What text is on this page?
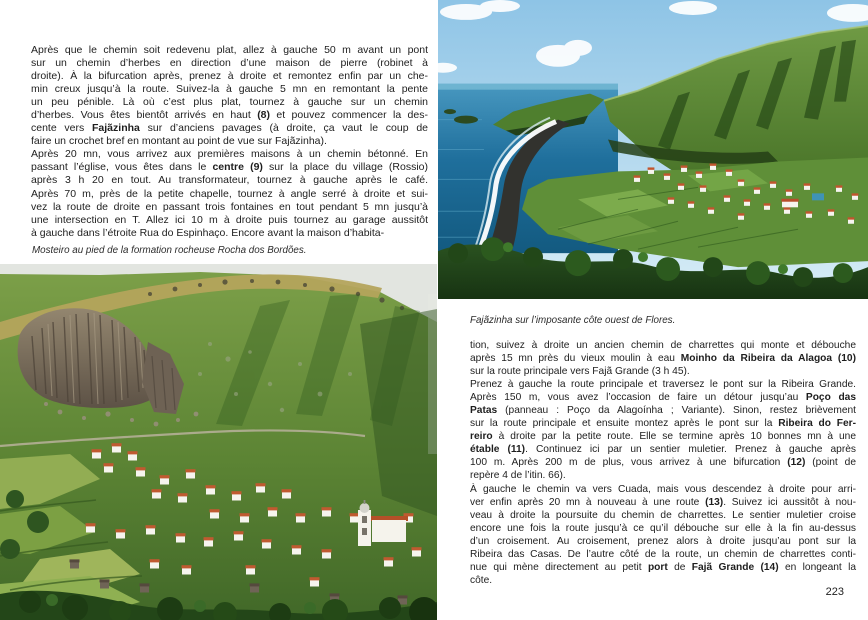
Après que le chemin soit redevenu plat, allez à gauche 50 m avant un pont
sur un chemin d’herbes en direction d’une maison de pierre (robinet à
droite). À la bifurcation après, prenez à droite et remontez enfin par un che-
min creux jusqu’à la route. Suivez-la à gauche 5 mn en remontant la pente
un peu pénible. Là où c’est plus plat, tournez à gauche sur un chemin
d’herbes. Vous êtes bientôt arrivés en haut (8) et pouvez commencer la des-
cente vers Fajãzinha sur d’anciens pavages (à droite, ça vaut le coup de
faire un crochet bref en montant au point de vue sur Fajãzinha).
Après 20 mn, vous arrivez aux premières maisons à un chemin bétonné. En
passant l’église, vous êtes dans le centre (9) sur la place du village (Rossio)
après 3 h 20 en tout. Au transformateur, tournez à gauche après le café.
Après 70 m, près de la petite chapelle, tournez à angle serré à droite et sui-
vez la route de droite en passant trois fontaines en tout pendant 5 mn jusqu’à
une intersection en T. Allez ici 10 m à droite puis tournez au garage aussitôt
à gauche dans l’étroite Rua do Espinhaço. Encore avant la maison d’habita-
Mosteiro au pied de la formation rocheuse Rocha dos Bordões.
Fajãzinha sur l’imposante côte ouest de Flores.
tion, suivez à droite un ancien chemin de charrettes qui monte et débouche
après 15 mn près du vieux moulin à eau Moinho da Ribeira da Alagoa (10)
sur la route principale vers Fajã Grande (3 h 45).
Prenez à gauche la route principale et traversez le pont sur la Ribeira Grande.
Après 150 m, vous avez l’occasion de faire un détour jusqu’au Poço das
Patas (panneau : Poço da Alagoínha ; Variante). Sinon, restez brièvement
sur la route principale et ensuite montez après le pont sur la Ribeira do Fer-
reiro à droite par la petite route. Elle se termine après 10 bonnes mn à une
étable (11). Continuez ici par un sentier muletier. Prenez à gauche après
100 m. Après 200 m de plus, vous arrivez à une bifurcation (12) (point de
repère 4 de l’itin. 66).
À gauche le chemin va vers Cuada, mais vous descendez à droite pour arri-
ver enfin après 20 mn à nouveau à une route (13). Suivez ici aussitôt à nou-
veau à droite la poursuite du chemin de charrettes. Le sentier muletier croise
encore une fois la route jusqu’à ce qu’il débouche sur elle à la fin au-dessus
d’un croisement. Au croisement, prenez alors à droite jusqu’au pont sur la
Ribeira das Casas. De l’autre côté de la route, un chemin de charrettes conti-
nue qui mène directement au petit port de Fajã Grande (14) en longeant la
côte.
223
